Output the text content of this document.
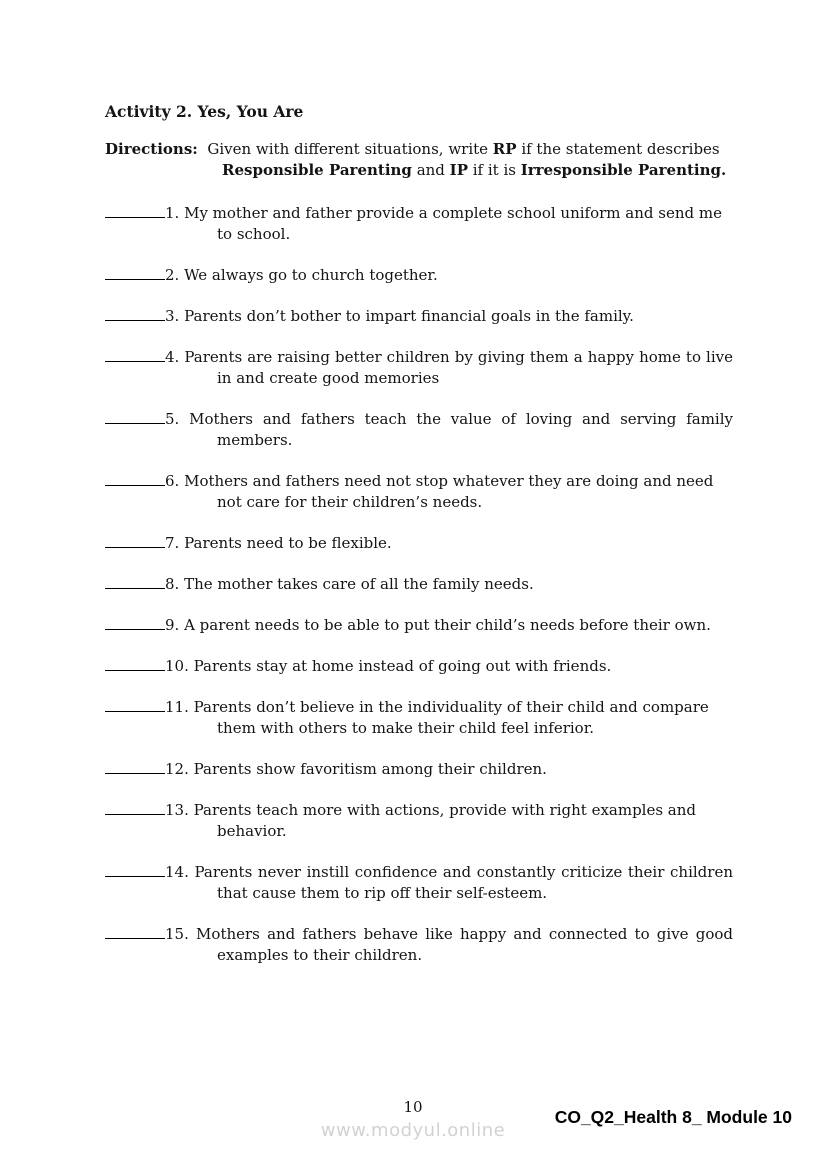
Activity 2. Yes, You Are

Directions:  Given with different situations, write RP if the statement describes
Responsible Parenting and IP if it is Irresponsible Parenting.

1. My mother and father provide a complete school uniform and send me to school.
2. We always go to church together.
3. Parents don’t bother to impart financial goals in the family.
4. Parents are raising better children by giving them a happy home to live in and create good memories
5. Mothers and fathers teach the value of loving and serving family members.
6. Mothers and fathers need not stop whatever they are doing and need not care for their children’s needs.
7. Parents need to be flexible.
8. The mother takes care of all the family needs.
9. A parent needs to be able to put their child’s needs before their own.
10. Parents stay at home instead of going out with friends.
11. Parents don’t believe in the individuality of their child and compare them with others to make their child feel inferior.
12. Parents show favoritism among their children.
13. Parents teach more with actions, provide with right examples and behavior.
14. Parents never instill confidence and constantly criticize their children that cause them to rip off their self-esteem.
15. Mothers and fathers behave like happy and connected to give good examples to their children.
10
www.modyul.online
CO_Q2_Health 8_ Module 10
